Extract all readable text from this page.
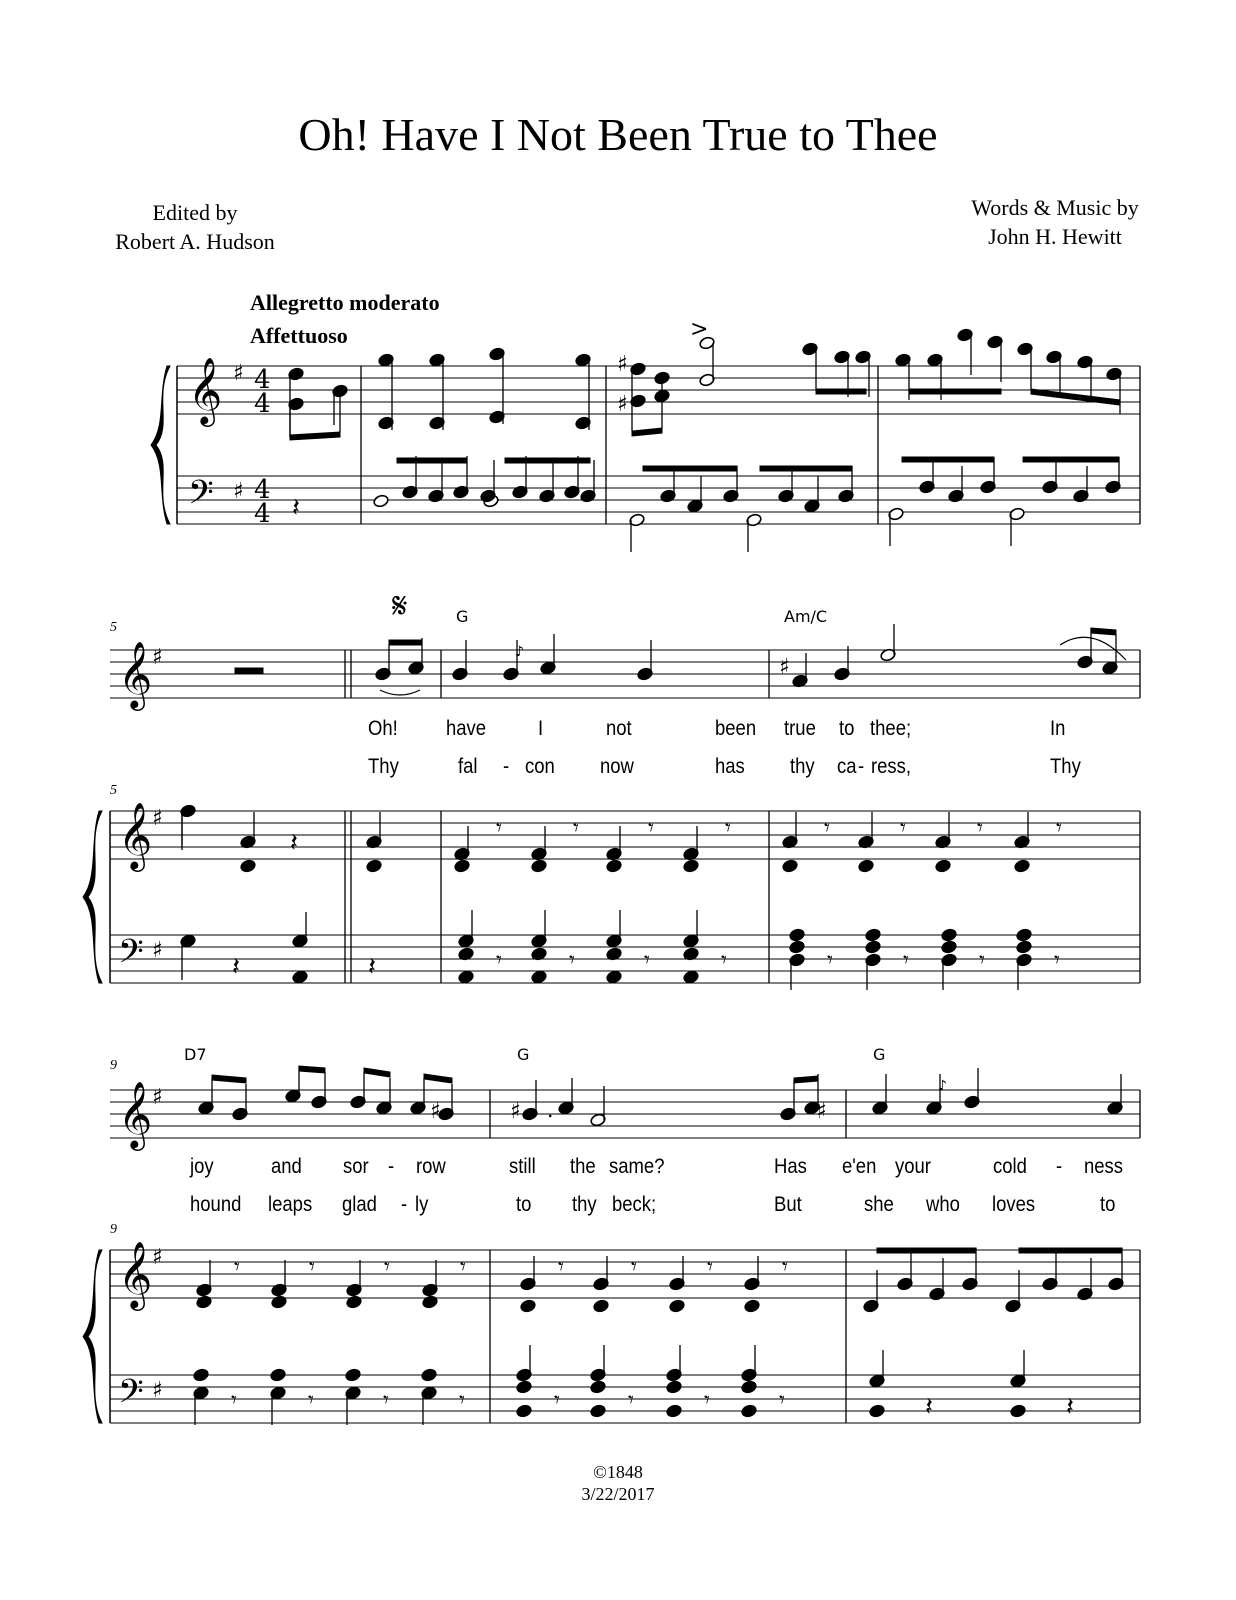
Oh! Have I Not Been True to Thee
Edited by
Robert A. Hudson
Words & Music by
John H. Hewitt
Allegretto moderato
Affettuoso
5
5
9
9
𝄋	G	Am/C
D7	G	G
Oh! have I	not	been true to thee;	In
Thy	fal - con now	has thy ca - ress,	Thy
joy	and sor - row	still the same?	Has e'en your	cold - ness
hound leaps glad - ly	to thy beck;	But	she who loves	to
𝄞 ♯ 4
4
𝄢 ♯ 4
4
♯
♯
>
𝄽
𝄞 ♯	♪
♯
𝄞 ♯
𝄢 ♯
𝄽	𝄾	𝄾	𝄾	𝄾	𝄾	𝄾	𝄾	𝄾
𝄽	𝄽	𝄾	𝄾	𝄾	𝄾	𝄾	𝄾	𝄾	𝄾
𝄞 ♯
♯	♯ .	♯
♪
𝄞 ♯
𝄢 ♯
𝄾	𝄾	𝄾	𝄾	𝄾	𝄾	𝄾	𝄾
𝄾	𝄾	𝄾	𝄾	𝄾	𝄾	𝄾	𝄾	𝄽	𝄽
©1848
3/22/2017
